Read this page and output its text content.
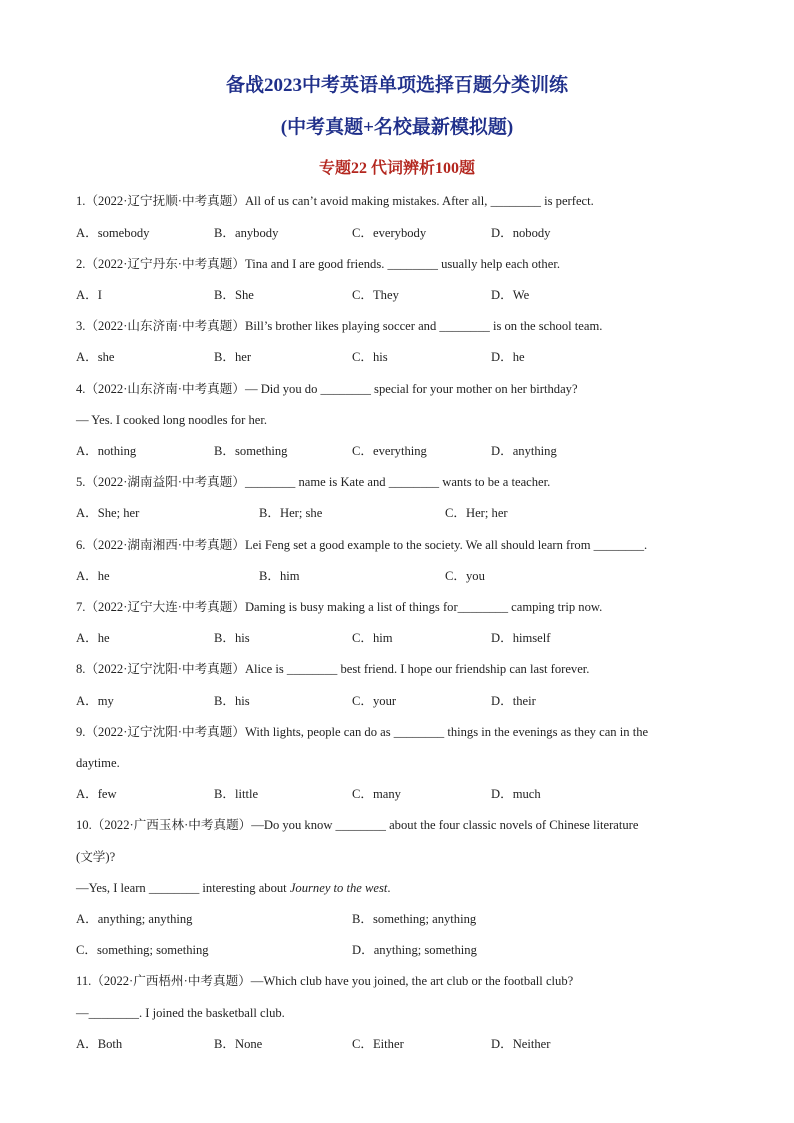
备战2023中考英语单项选择百题分类训练
(中考真题+名校最新模拟题)
专题22 代词辨析100题
1.（2022·辽宁抚顺·中考真题）All of us can’t avoid making mistakes. After all, ________ is perfect.
A．somebody	B．anybody	C．everybody	D．nobody
2.（2022·辽宁丹东·中考真题）Tina and I are good friends. ________ usually help each other.
A．I	B．She	C．They	D．We
3.（2022·山东济南·中考真题）Bill’s brother likes playing soccer and ________ is on the school team.
A．she	B．her	C．his	D．he
4.（2022·山东济南·中考真题）— Did you do ________ special for your mother on her birthday?
— Yes. I cooked long noodles for her.
A．nothing	B．something	C．everything	D．anything
5.（2022·湖南益阳·中考真题）________ name is Kate and ________ wants to be a teacher.
A．She; her	B．Her; she	C．Her; her
6.（2022·湖南湘西·中考真题）Lei Feng set a good example to the society. We all should learn from ________.
A．he	B．him	C．you
7.（2022·辽宁大连·中考真题）Daming is busy making a list of things for________ camping trip now.
A．he	B．his	C．him	D．himself
8.（2022·辽宁沈阳·中考真题）Alice is ________ best friend. I hope our friendship can last forever.
A．my	B．his	C．your	D．their
9.（2022·辽宁沈阳·中考真题）With lights, people can do as ________ things in the evenings as they can in the
daytime.
A．few	B．little	C．many	D．much
10.（2022·广西玉林·中考真题）—Do you know ________ about the four classic novels of Chinese literature
(文学)?
—Yes, I learn ________ interesting about Journey to the west.
A．anything; anything	B．something; anything
C．something; something	D．anything; something
11.（2022·广西梧州·中考真题）—Which club have you joined, the art club or the football club?
—________. I joined the basketball club.
A．Both	B．None	C．Either	D．Neither
